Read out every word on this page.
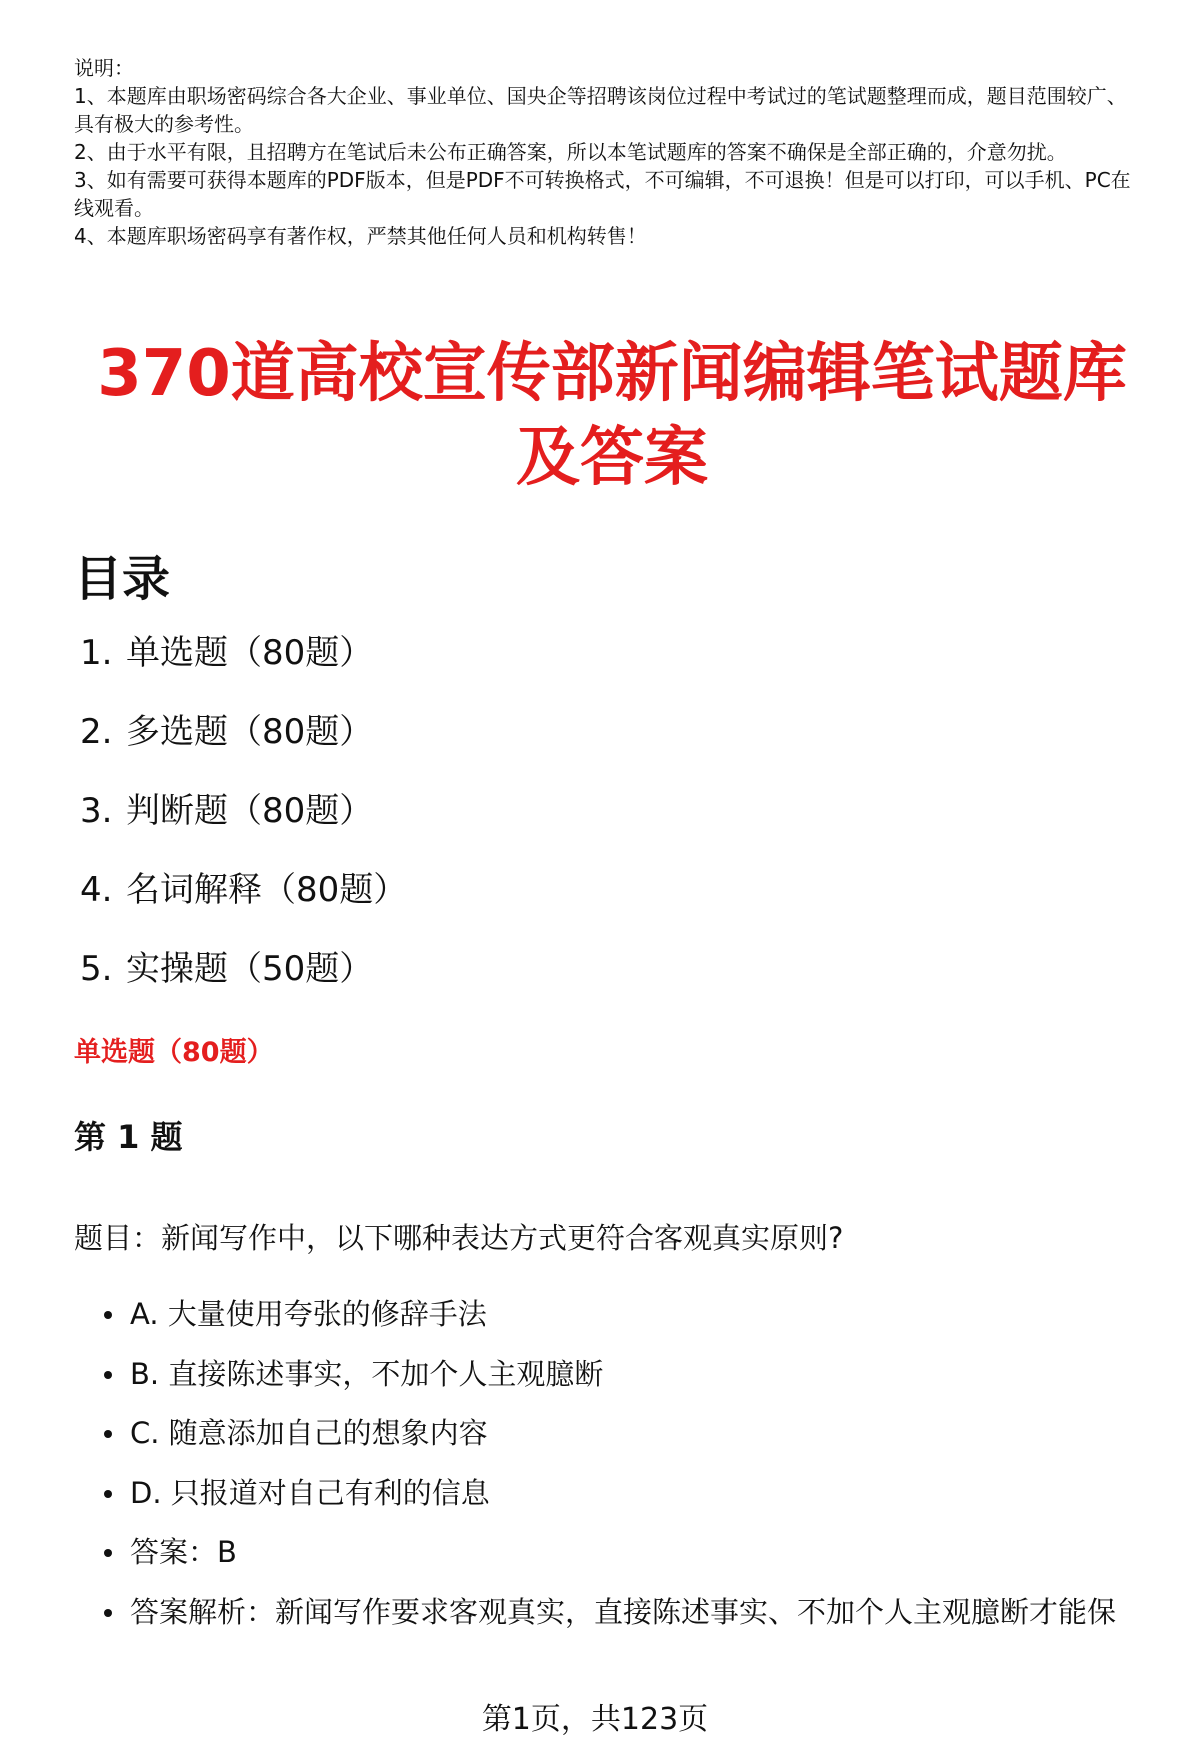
说明：

1、本题库由职场密码综合各大企业、事业单位、国央企等招聘该岗位过程中考试过的笔试题整理而成，题目范围较广、具有极大的参考性。

2、由于水平有限，且招聘方在笔试后未公布正确答案，所以本笔试题库的答案不确保是全部正确的，介意勿扰。

3、如有需要可获得本题库的PDF版本，但是PDF不可转换格式，不可编辑，不可退换！但是可以打印，可以手机、PC在线观看。

4、本题库职场密码享有著作权，严禁其他任何人员和机构转售！

370道高校宣传部新闻编辑笔试题库
及答案
目录
1. 单选题（80题）
2. 多选题（80题）
3. 判断题（80题）
4. 名词解释（80题）
5. 实操题（50题）
单选题（80题）
第 1 题

题目：新闻写作中，以下哪种表达方式更符合客观真实原则?

A. 大量使用夸张的修辞手法
B. 直接陈述事实，不加个人主观臆断
C. 随意添加自己的想象内容
D. 只报道对自己有利的信息
答案：B
答案解析：新闻写作要求客观真实，直接陈述事实、不加个人主观臆断才能保
第1页，共123页
